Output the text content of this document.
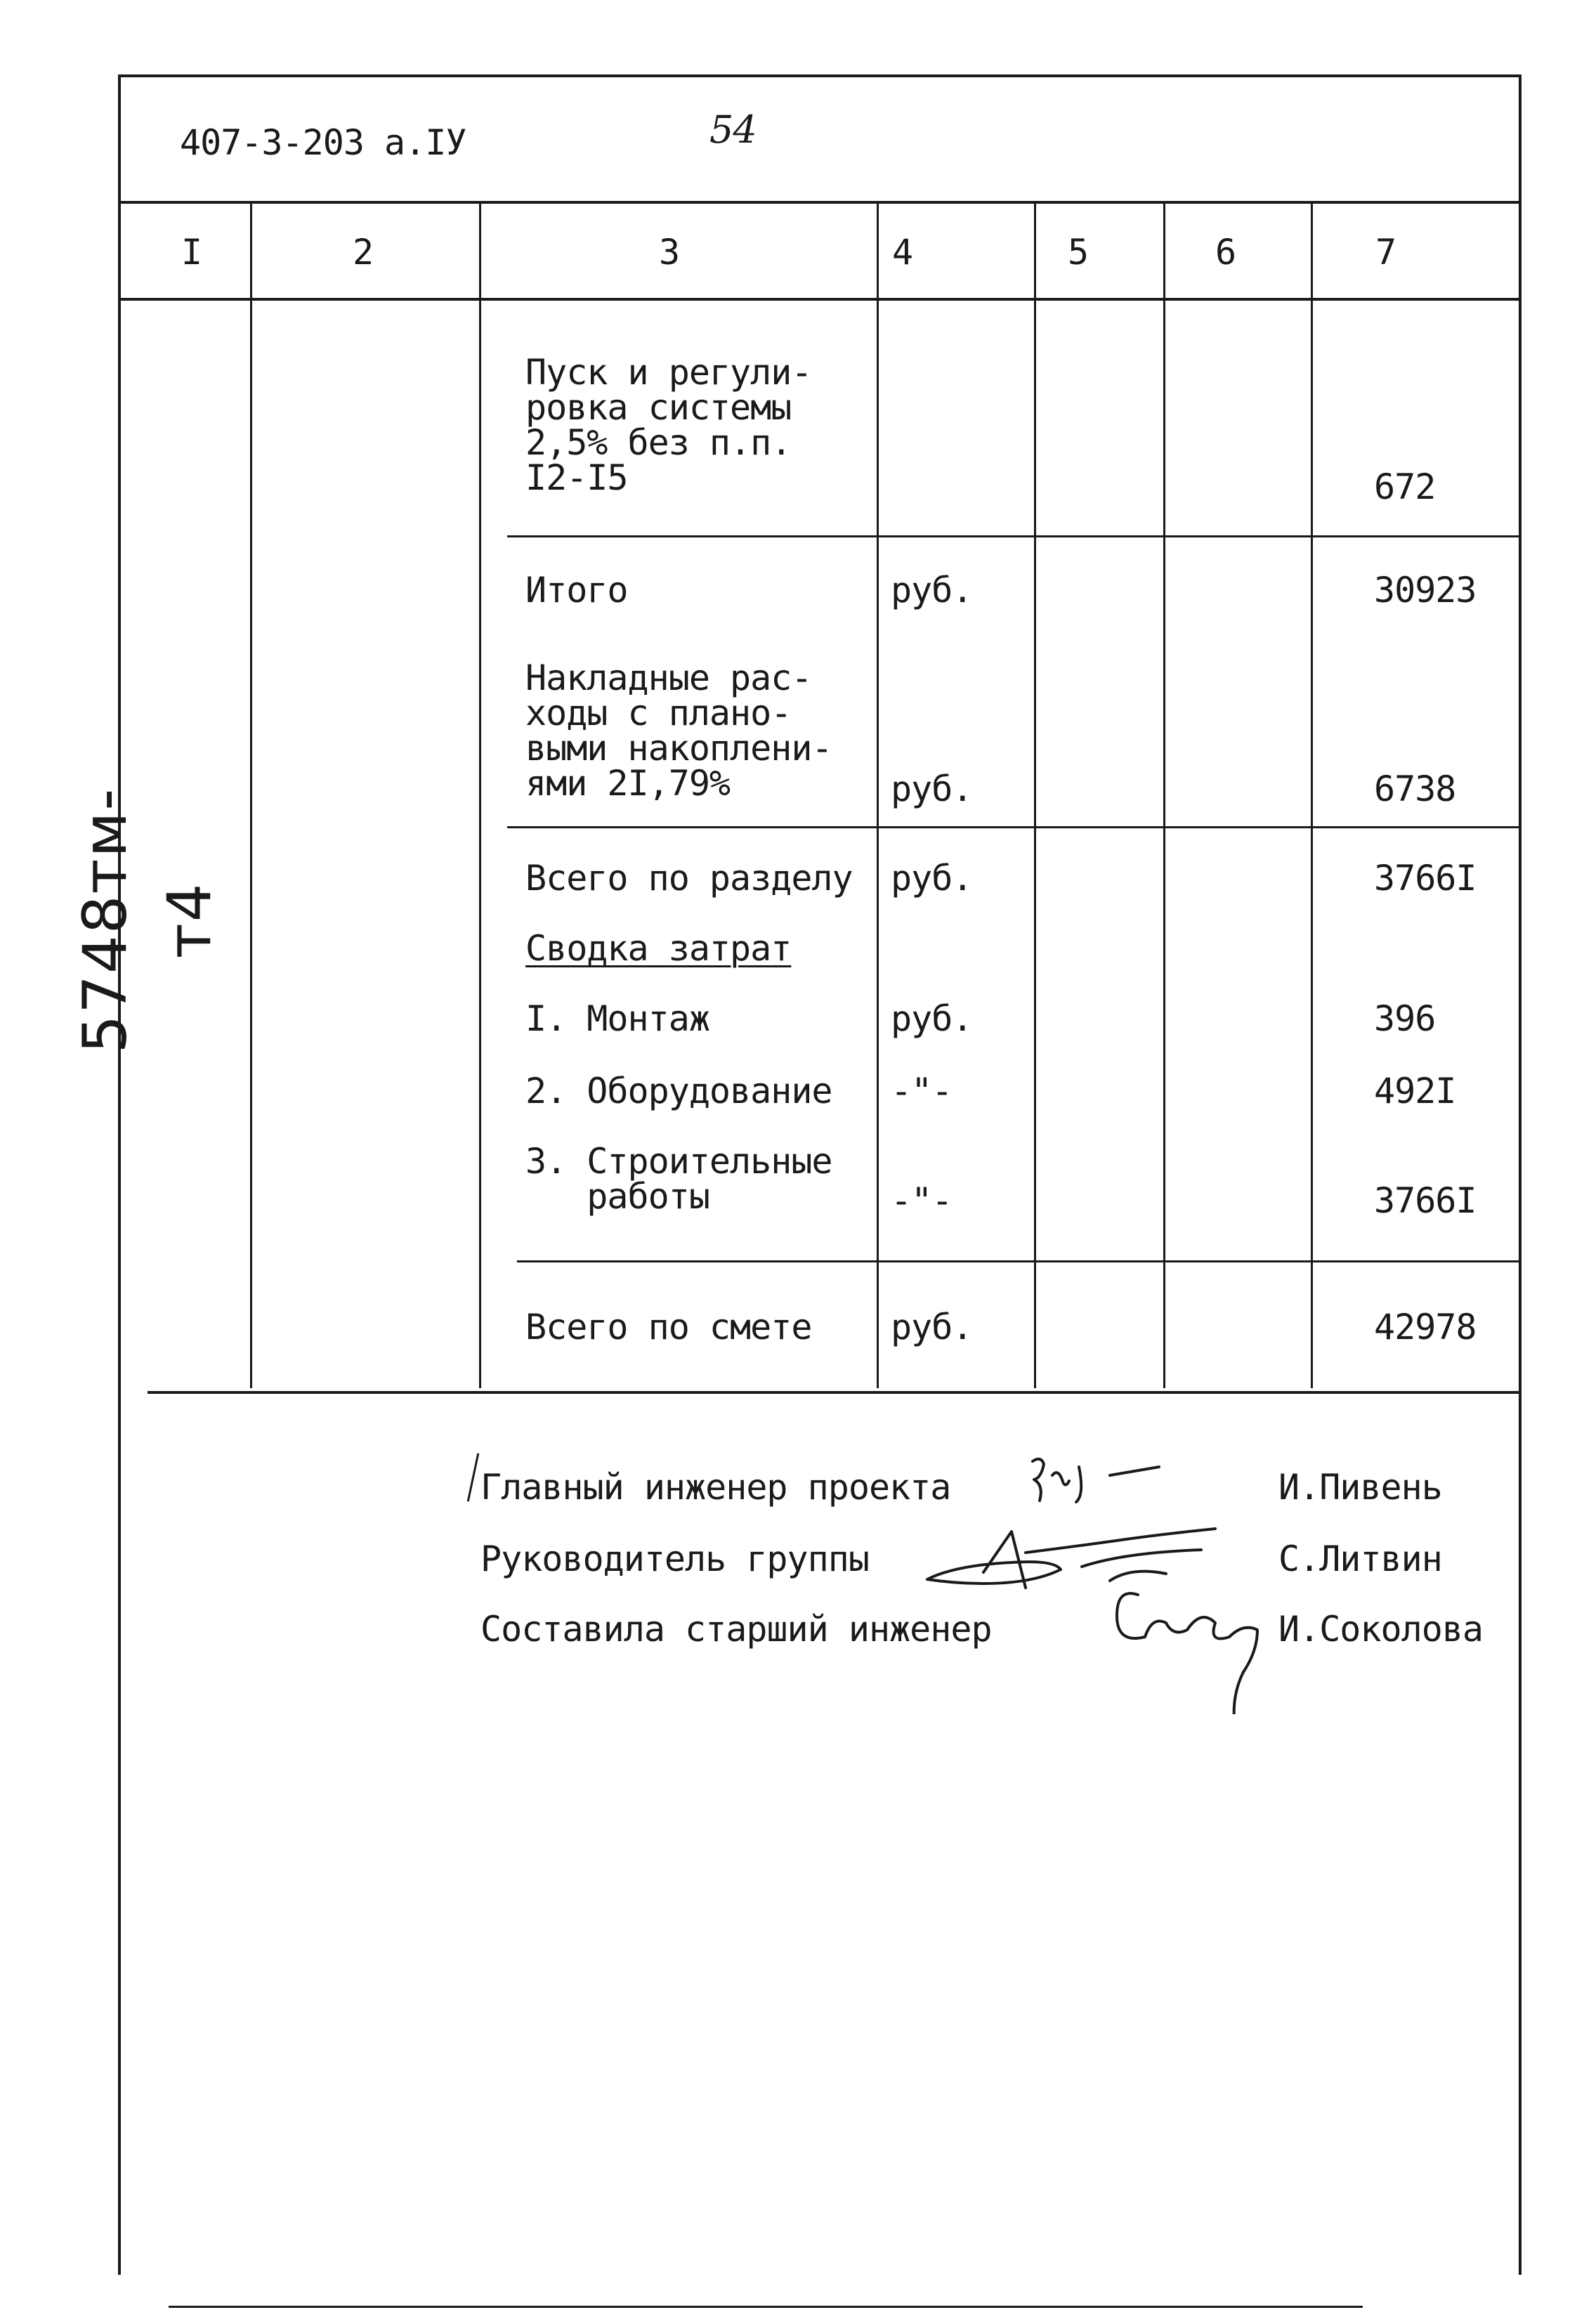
407-3-203 а.IУ	54
I	2	3	4	5	6	7
Пуск и регули-
ровка системы
2,5% без п.п.
I2-I5	672
Итого	руб.	30923
Накладные рас-
ходы с плано-
выми накоплени-
ями 2I,79%	руб.	6738
Всего по разделу руб.	3766I
Сводка затрат
I. Монтаж	руб.	396
2. Оборудование -"-	492I
3. Строительные
работы	-"-	3766I
Всего по смете руб.	42978
Главный инженер проекта	И.Пивень
Руководитель группы	С.Литвин
Составила старший инженер	И.Соколова
5748тм-т4
